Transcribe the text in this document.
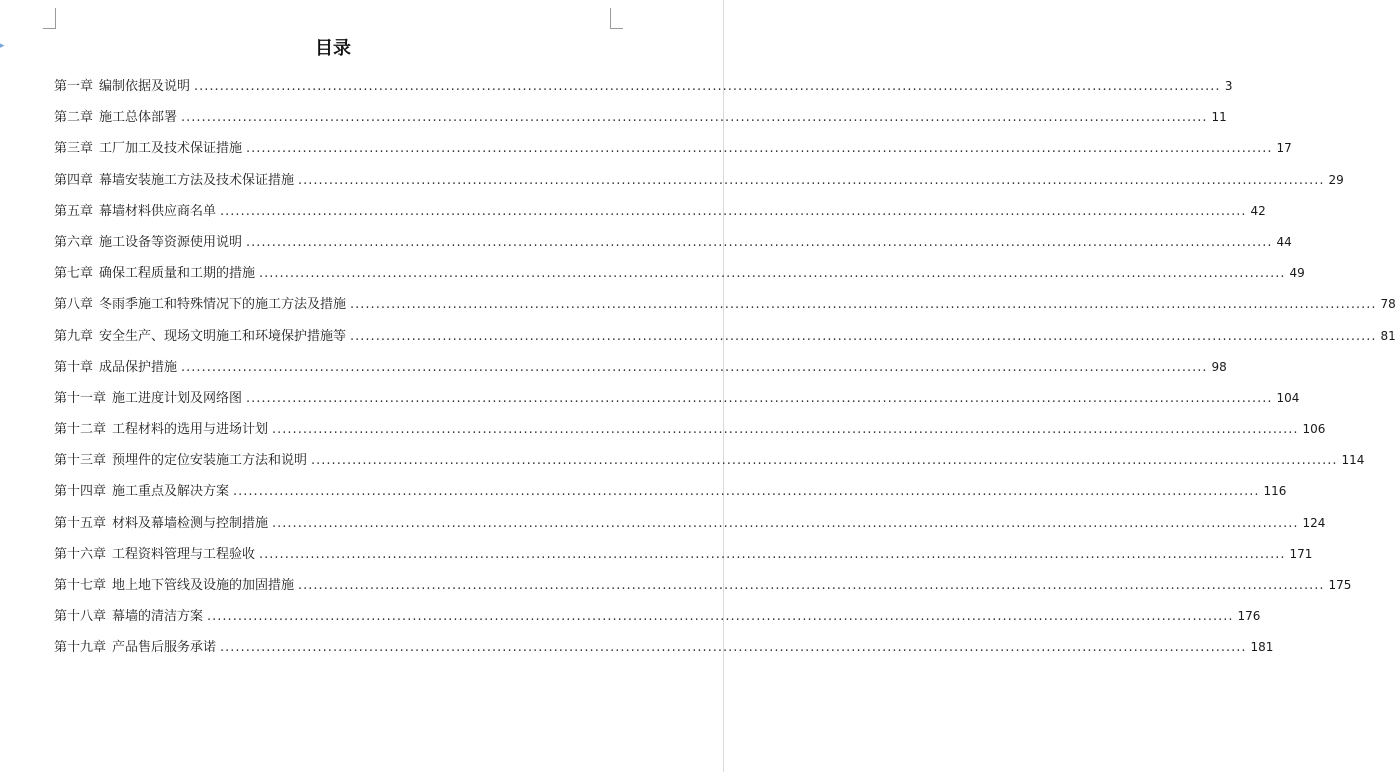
▸	目录
第一章 编制依据及说明 ........................................................................................................................................................................................................ 3
第二章 施工总体部署 ........................................................................................................................................................................................................ 11
第三章 工厂加工及技术保证措施 ........................................................................................................................................................................................................ 17
第四章 幕墙安装施工方法及技术保证措施 ........................................................................................................................................................................................................ 29
第五章 幕墙材料供应商名单 ........................................................................................................................................................................................................ 42
第六章 施工设备等资源使用说明 ........................................................................................................................................................................................................ 44
第七章 确保工程质量和工期的措施 ........................................................................................................................................................................................................ 49
第八章 冬雨季施工和特殊情况下的施工方法及措施 ........................................................................................................................................................................................................ 78
第九章 安全生产、现场文明施工和环境保护措施等 ........................................................................................................................................................................................................ 81
第十章 成品保护措施 ........................................................................................................................................................................................................ 98
第十一章 施工进度计划及网络图 ........................................................................................................................................................................................................ 104
第十二章 工程材料的选用与进场计划 ........................................................................................................................................................................................................ 106
第十三章 预埋件的定位安装施工方法和说明 ........................................................................................................................................................................................................ 114
第十四章 施工重点及解决方案 ........................................................................................................................................................................................................ 116
第十五章 材料及幕墙检测与控制措施 ........................................................................................................................................................................................................ 124
第十六章 工程资料管理与工程验收 ........................................................................................................................................................................................................ 171
第十七章 地上地下管线及设施的加固措施 ........................................................................................................................................................................................................ 175
第十八章 幕墙的清洁方案 ........................................................................................................................................................................................................ 176
第十九章 产品售后服务承诺 ........................................................................................................................................................................................................ 181
